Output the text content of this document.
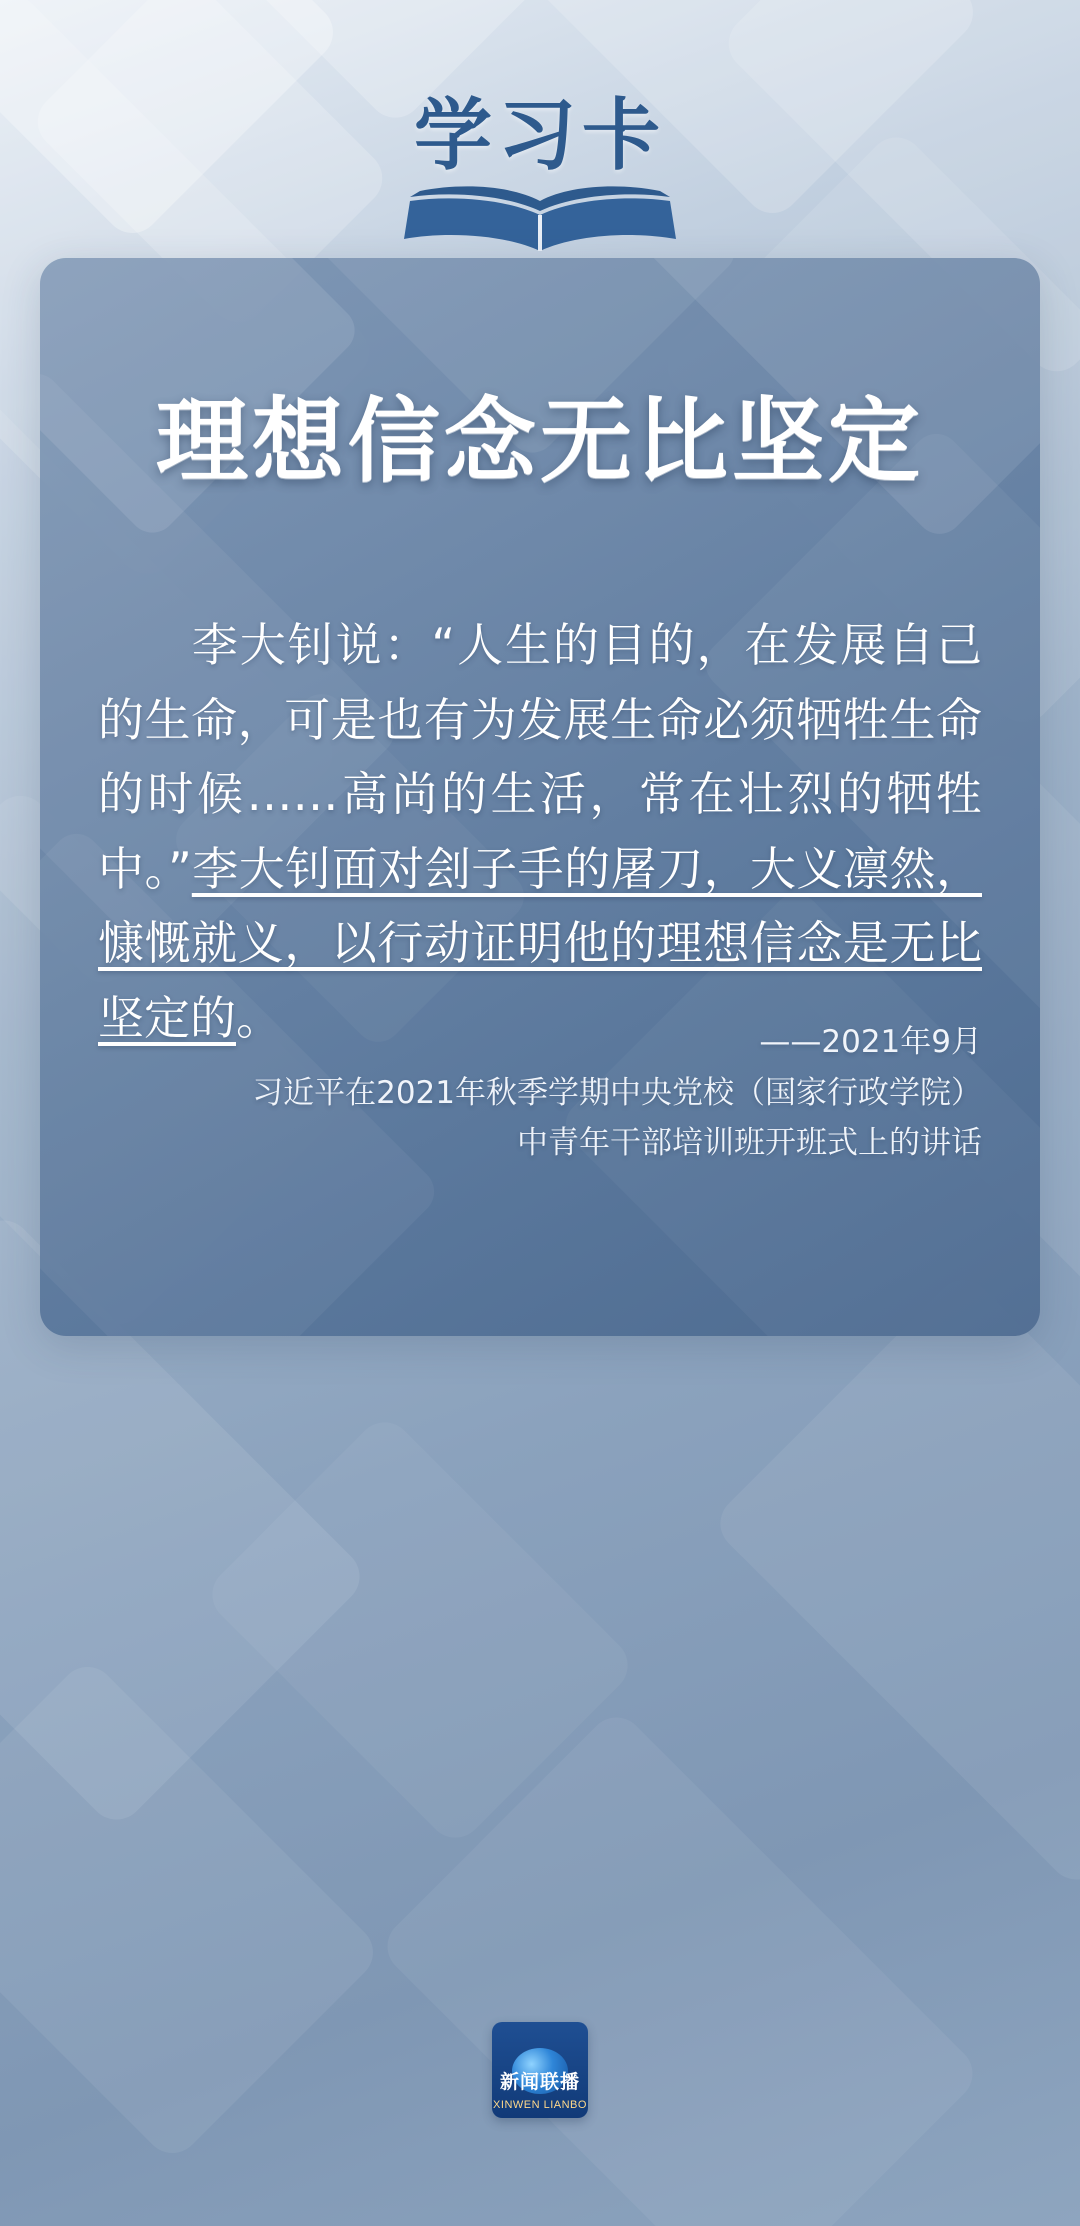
学习卡
理想信念无比坚定
李大钊说：“人生的目的，在发展自己的生命，可是也有为发展生命必须牺牲生命的时候……高尚的生活，常在壮烈的牺牲中。”李大钊面对刽子手的屠刀，大义凛然，慷慨就义，以行动证明他的理想信念是无比坚定的。	——2021年9月
习近平在2021年秋季学期中央党校（国家行政学院）
中青年干部培训班开班式上的讲话
新闻联播
XINWEN LIANBO
